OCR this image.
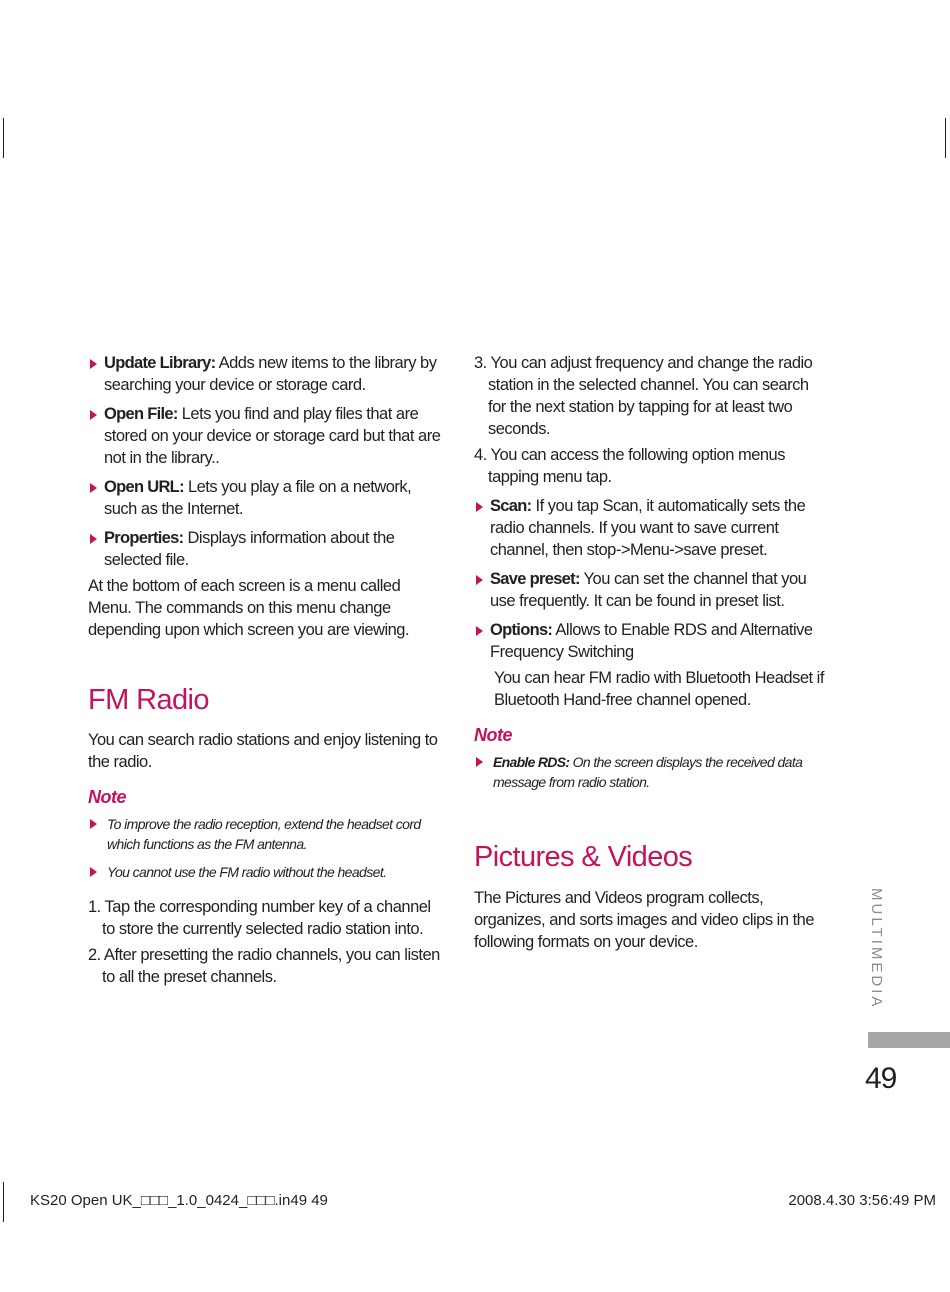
Update Library: Adds new items to the library by searching your device or storage card.
Open File: Lets you find and play files that are stored on your device or storage card but that are not in the library..
Open URL: Lets you play a file on a network, such as the Internet.
Properties: Displays information about the selected file.

At the bottom of each screen is a menu called Menu. The commands on this menu change depending upon which screen you are viewing.

FM Radio

You can search radio stations and enjoy listening to the radio.

Note

To improve the radio reception, extend the headset cord which functions as the FM antenna.
You cannot use the FM radio without the headset.
1. Tap the corresponding number key of a channel to store the currently selected radio station into.
2. After presetting the radio channels, you can listen to all the preset channels.
3. You can adjust frequency and change the radio station in the selected channel. You can search for the next station by tapping for at least two seconds.
4. You can access the following option menus tapping menu tap.
Scan: If you tap Scan, it automatically sets the radio channels. If you want to save current channel, then stop->Menu->save preset.
Save preset: You can set the channel that you use frequently. It can be found in preset list.
Options: Allows to Enable RDS and Alternative Frequency Switching

You can hear FM radio with Bluetooth Headset if Bluetooth Hand-free channel opened.

Note

Enable RDS: On the screen displays the received data message from radio station.
Pictures & Videos

The Pictures and Videos program collects, organizes, and sorts images and video clips in the following formats on your device.	MULTIMEDIA
49
KS20 Open UK_□□□_1.0_0424_□□□.in49 49	2008.4.30 3:56:49 PM
